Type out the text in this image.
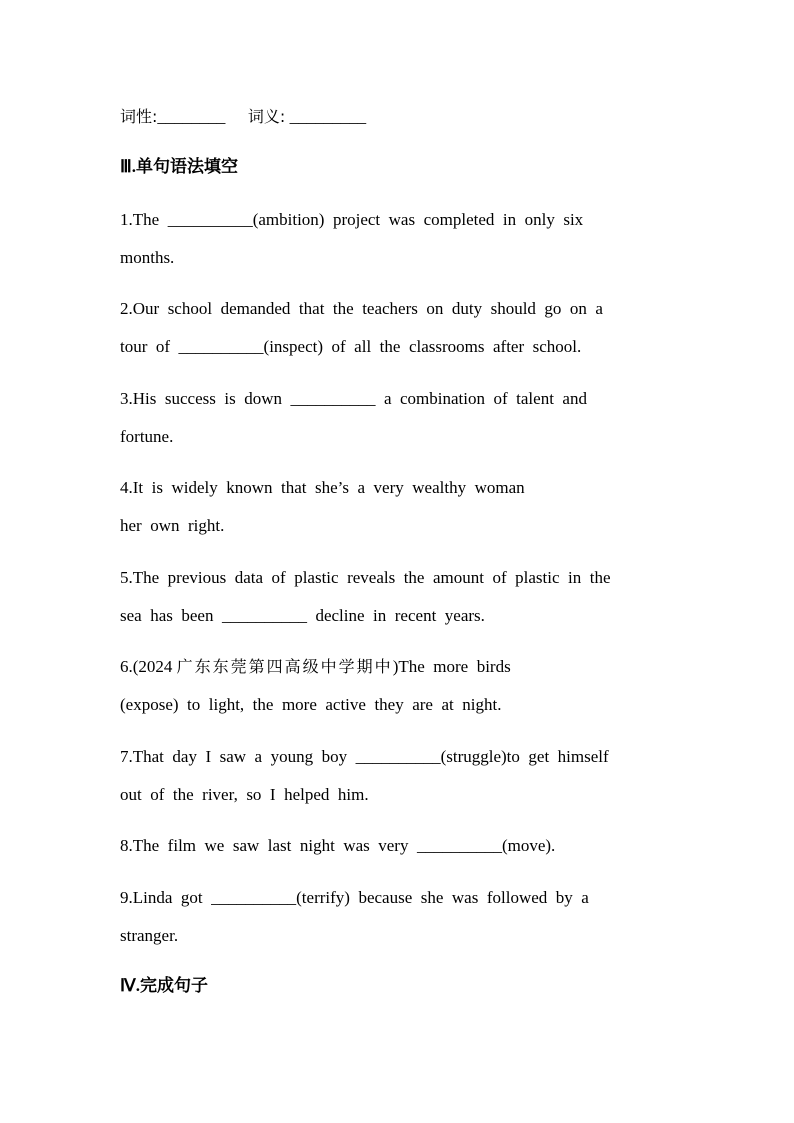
词性:________ 词义: _________
Ⅲ.单句语法填空
1.The __________(ambition)  project  was  completed  in  only  six
months.
2.Our  school  demanded  that  the  teachers  on  duty  should  go  on  a
tour  of __________(inspect)  of  all  the  classrooms  after  school.
3.His  success  is  down __________ a  combination  of  talent  and
fortune.
4.It  is  widely  known  that  she’s  a  very  wealthy  woman
her  own  right.
5.The  previous  data  of  plastic  reveals  the  amount  of  plastic  in  the
sea  has  been __________ decline  in  recent  years.
6.(2024 广东东莞第四高级中学期中)The  more  birds
(expose)  to  light,  the  more  active  they  are  at  night.
7.That  day  I  saw  a  young  boy __________(struggle)to  get  himself
out  of  the  river,  so  I  helped  him.
8.The  film  we  saw  last  night  was  very __________(move).
9.Linda  got __________(terrify)  because  she  was  followed  by  a
stranger.
Ⅳ.完成句子
